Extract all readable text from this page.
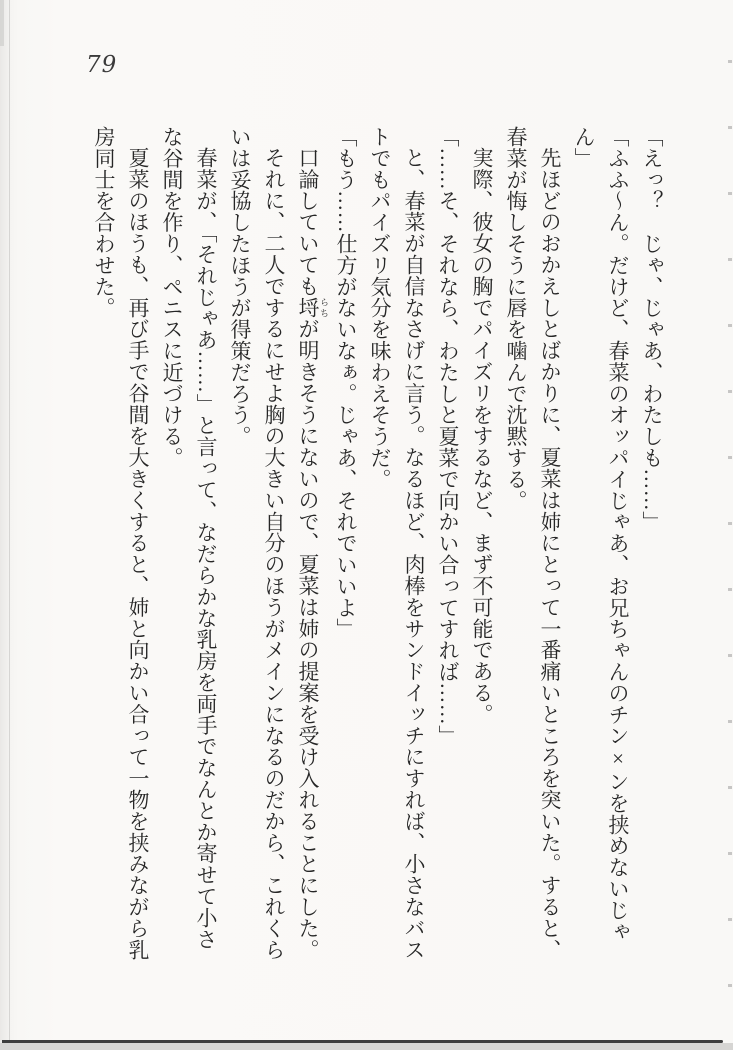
79

「えっ？　じゃ、じゃあ、わたしも……」

「ふふ～ん。だけど、春菜のオッパイじゃあ、お兄ちゃんのチン×ンを挟めないじゃん」

先ほどのおかえしとばかりに、夏菜は姉にとって一番痛いところを突いた。すると、春菜が悔しそうに唇を噛んで沈黙する。

実際、彼女の胸でパイズリをするなど、まず不可能である。

「……そ、それなら、わたしと夏菜で向かい合ってすれば……」

と、春菜が自信なさげに言う。なるほど、肉棒をサンドイッチにすれば、小さなバストでもパイズリ気分を味わえそうだ。

「もう……仕方がないなぁ。じゃあ、それでいいよ」

口論していても埒 らちが明きそうにないので、夏菜は姉の提案を受け入れることにした。

それに、二人でするにせよ胸の大きい自分のほうがメインになるのだから、これくらいは妥協したほうが得策だろう。

春菜が、「それじゃあ……」と言って、なだらかな乳房を両手でなんとか寄せて小さな谷間を作り、ペニスに近づける。

夏菜のほうも、再び手で谷間を大きくすると、姉と向かい合って一物を挟みながら乳房同士を合わせた。
